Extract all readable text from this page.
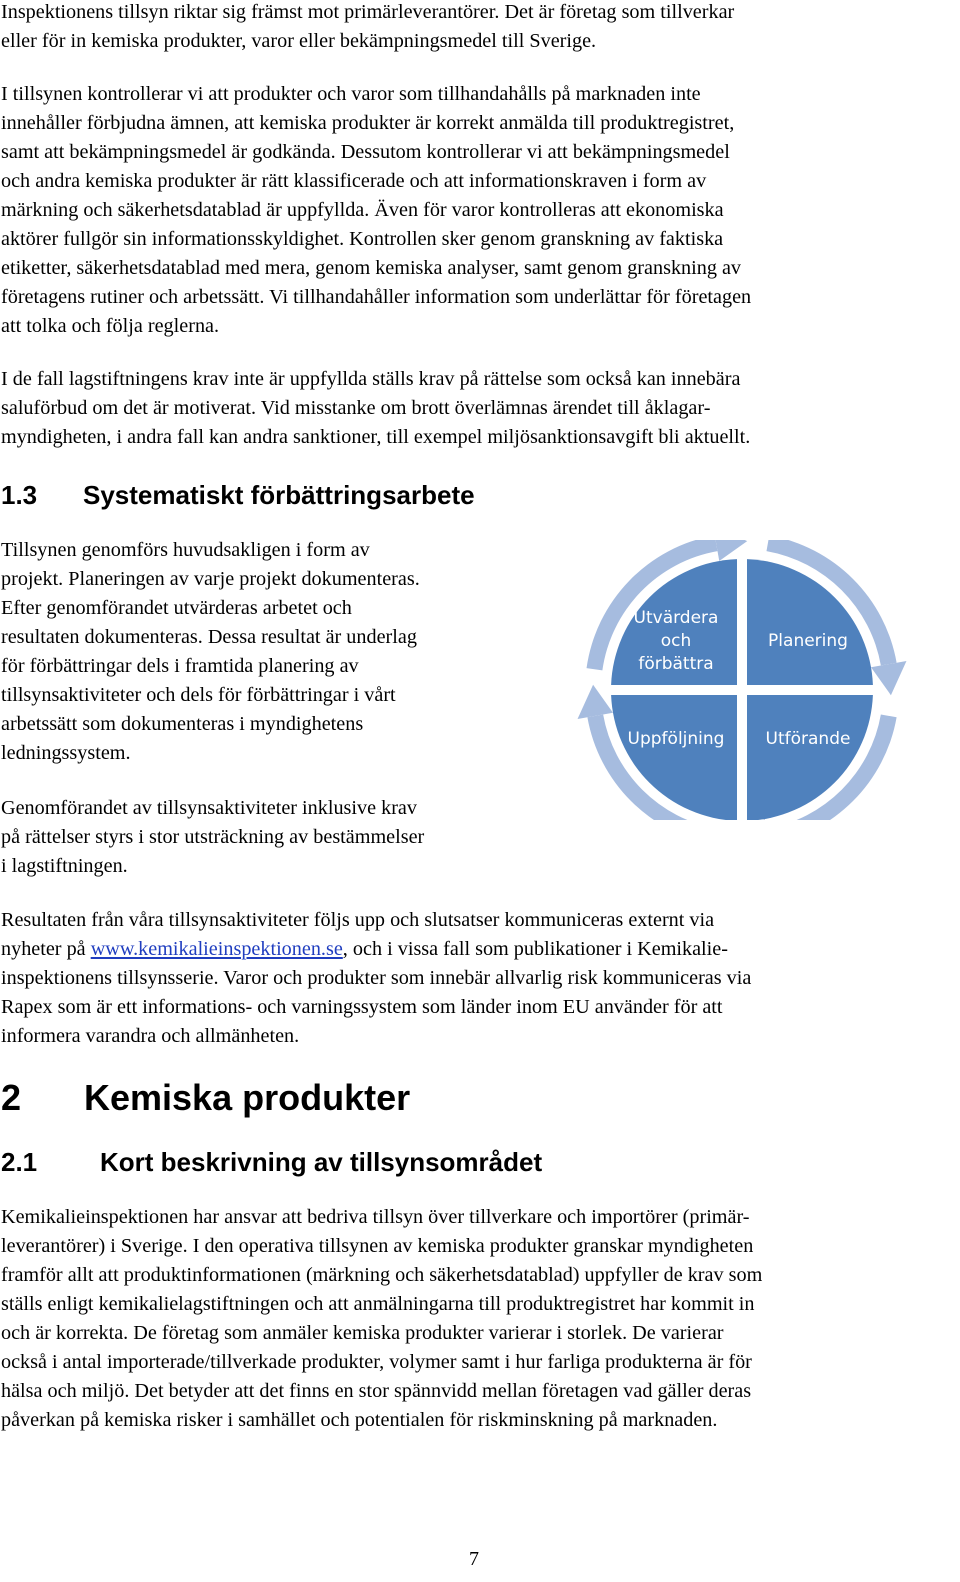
Inspektionens tillsyn riktar sig främst mot primärleverantörer. Det är företag som tillverkar

eller för in kemiska produkter, varor eller bekämpningsmedel till Sverige.

I tillsynen kontrollerar vi att produkter och varor som tillhandahålls på marknaden inte

innehåller förbjudna ämnen, att kemiska produkter är korrekt anmälda till produktregistret,

samt att bekämpningsmedel är godkända. Dessutom kontrollerar vi att bekämpningsmedel

och andra kemiska produkter är rätt klassificerade och att informationskraven i form av

märkning och säkerhetsdatablad är uppfyllda. Även för varor kontrolleras att ekonomiska

aktörer fullgör sin informationsskyldighet. Kontrollen sker genom granskning av faktiska

etiketter, säkerhetsdatablad med mera, genom kemiska analyser, samt genom granskning av

företagens rutiner och arbetssätt. Vi tillhandahåller information som underlättar för företagen

att tolka och följa reglerna.

I de fall lagstiftningens krav inte är uppfyllda ställs krav på rättelse som också kan innebära

saluförbud om det är motiverat. Vid misstanke om brott överlämnas ärendet till åklagar-

myndigheten, i andra fall kan andra sanktioner, till exempel miljösanktionsavgift bli aktuellt.

1.3 Systematiskt förbättringsarbete

Tillsynen genomförs huvudsakligen i form av

projekt. Planeringen av varje projekt dokumenteras.

Efter genomförandet utvärderas arbetet och

resultaten dokumenteras. Dessa resultat är underlag

för förbättringar dels i framtida planering av

tillsynsaktiviteter och dels för förbättringar i vårt

arbetssätt som dokumenteras i myndighetens

ledningssystem.

Genomförandet av tillsynsaktiviteter inklusive krav

på rättelser styrs i stor utsträckning av bestämmelser

i lagstiftningen.

Utvärdera
och
förbättra
Planering
Uppföljning Utförande

Resultaten från våra tillsynsaktiviteter följs upp och slutsatser kommuniceras externt via

nyheter på www.kemikalieinspektionen.se, och i vissa fall som publikationer i Kemikalie-

inspektionens tillsynsserie. Varor och produkter som innebär allvarlig risk kommuniceras via

Rapex som är ett informations- och varningssystem som länder inom EU använder för att

informera varandra och allmänheten.

2 Kemiska produkter
2.1 Kort beskrivning av tillsynsområdet

Kemikalieinspektionen har ansvar att bedriva tillsyn över tillverkare och importörer (primär-

leverantörer) i Sverige. I den operativa tillsynen av kemiska produkter granskar myndigheten

framför allt att produktinformationen (märkning och säkerhetsdatablad) uppfyller de krav som

ställs enligt kemikalielagstiftningen och att anmälningarna till produktregistret har kommit in

och är korrekta. De företag som anmäler kemiska produkter varierar i storlek. De varierar

också i antal importerade/tillverkade produkter, volymer samt i hur farliga produkterna är för

hälsa och miljö. Det betyder att det finns en stor spännvidd mellan företagen vad gäller deras

påverkan på kemiska risker i samhället och potentialen för riskminskning på marknaden.

7
